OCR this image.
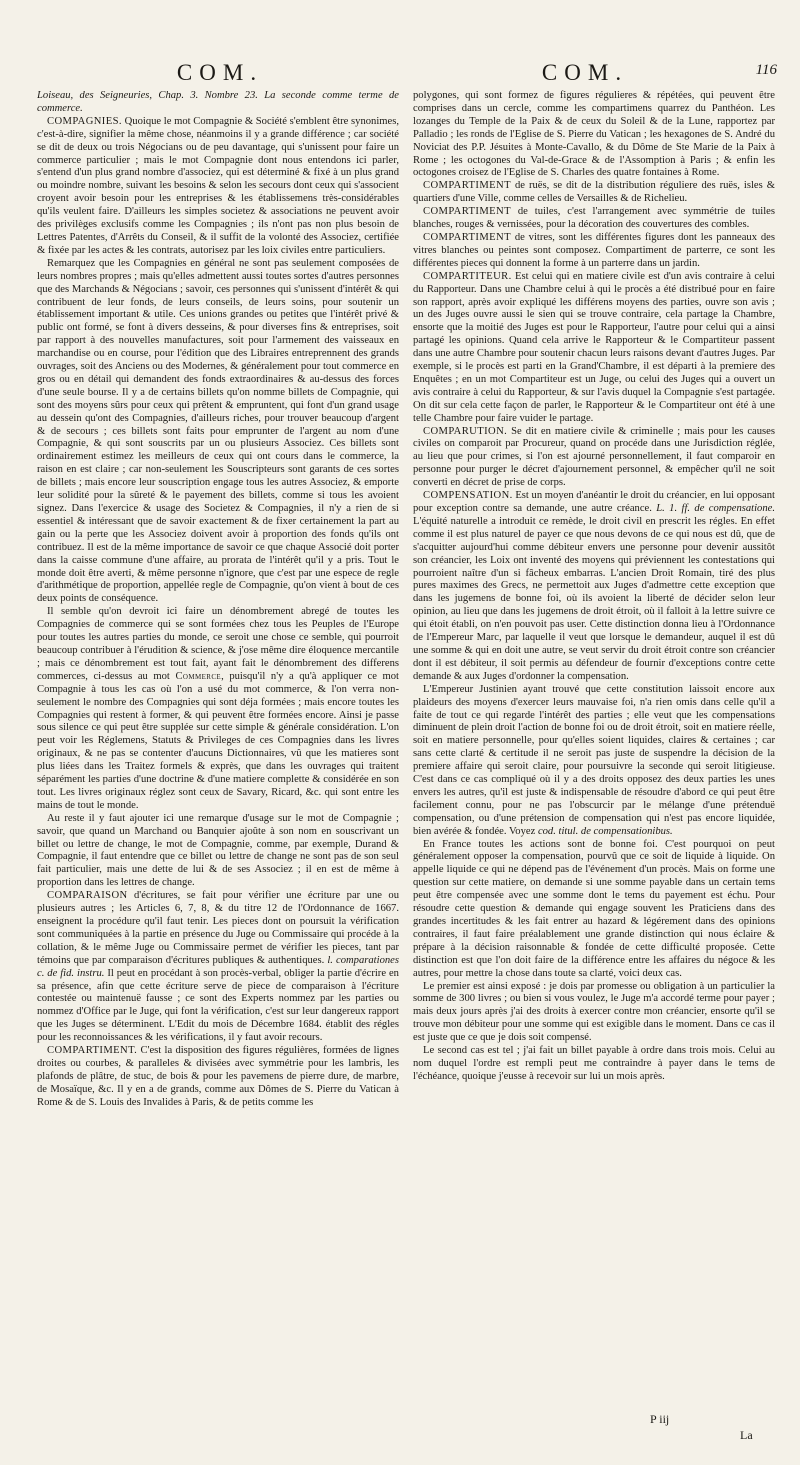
COM.	COM.	116

Loiseau, des Seigneuries, Chap. 3. Nombre 23. La seconde comme terme de commerce.

COMPAGNIES. Quoique le mot Compagnie & Société s'emblent être synonimes, c'est-à-dire, signifier la même chose, néanmoins il y a grande différence ; car société se dit de deux ou trois Négocians ou de peu davantage, qui s'unissent pour faire un commerce particulier ; mais le mot Compagnie dont nous entendons ici parler, s'entend d'un plus grand nombre d'associez, qui est déterminé & fixé à un plus grand ou moindre nombre, suivant les besoins & selon les secours dont ceux qui s'associent croyent avoir besoin pour les entreprises & les établissemens très-considérables qu'ils veulent faire. D'ailleurs les simples societez & associations ne peuvent avoir des privilèges exclusifs comme les Compagnies ; ils n'ont pas non plus besoin de Lettres Patentes, d'Arrêts du Conseil, & il suffit de la volonté des Associez, certifiée & fixée par les actes & les contrats, autorisez par les loix civiles entre particuliers.

Remarquez que les Compagnies en général ne sont pas seulement composées de leurs nombres propres ; mais qu'elles admettent aussi toutes sortes d'autres personnes que des Marchands & Négocians ; savoir, ces personnes qui s'unissent d'intérêt & qui contribuent de leur fonds, de leurs conseils, de leurs soins, pour soutenir un établissement important & utile. Ces unions grandes ou petites que l'intérêt privé & public ont formé, se font à divers desseins, & pour diverses fins & entreprises, soit par rapport à des nouvelles manufactures, soit pour l'armement des vaisseaux en marchandise ou en course, pour l'édition que des Libraires entreprennent des grands ouvrages, soit des Anciens ou des Modernes, & généralement pour tout commerce en gros ou en détail qui demandent des fonds extraordinaires & au-dessus des forces d'une seule bourse. Il y a de certains billets qu'on nomme billets de Compagnie, qui sont des moyens sûrs pour ceux qui prêtent & empruntent, qui font d'un grand usage au dessein qu'ont des Compagnies, d'ailleurs riches, pour trouver beaucoup d'argent & de secours ; ces billets sont faits pour emprunter de l'argent au nom d'une Compagnie, & qui sont souscrits par un ou plusieurs Associez. Ces billets sont ordinairement estimez les meilleurs de ceux qui ont cours dans le commerce, la raison en est claire ; car non-seulement les Souscripteurs sont garants de ces sortes de billets ; mais encore leur souscription engage tous les autres Associez, & emporte leur solidité pour la sûreté & le payement des billets, comme si tous les avoient signez. Dans l'exercice & usage des Societez & Compagnies, il n'y a rien de si essentiel & intéressant que de savoir exactement & de fixer certainement la part au gain ou la perte que les Associez doivent avoir à proportion des fonds qu'ils ont contribuez. Il est de la même importance de savoir ce que chaque Associé doit porter dans la caisse commune d'une affaire, au prorata de l'intérêt qu'il y a pris. Tout le monde doit être averti, & même personne n'ignore, que c'est par une espece de regle d'arithmétique de proportion, appellée regle de Compagnie, qu'on vient à bout de ces deux points de conséquence.

Il semble qu'on devroit ici faire un dénombrement abregé de toutes les Compagnies de commerce qui se sont formées chez tous les Peuples de l'Europe pour toutes les autres parties du monde, ce seroit une chose ce semble, qui pourroit beaucoup contribuer à l'érudition & science, & j'ose même dire éloquence mercantile ; mais ce dénombrement est tout fait, ayant fait le dénombrement des differens commerces, ci-dessus au mot Commerce, puisqu'il n'y a qu'à appliquer ce mot Compagnie à tous les cas où l'on a usé du mot commerce, & l'on verra non-seulement le nombre des Compagnies qui sont déja formées ; mais encore toutes les Compagnies qui restent à former, & qui peuvent être formées encore. Ainsi je passe sous silence ce qui peut être supplée sur cette simple & générale considération. L'on peut voir les Réglemens, Statuts & Privileges de ces Compagnies dans les livres originaux, & ne pas se contenter d'aucuns Dictionnaires, vû que les matieres sont plus liées dans les Traitez formels & exprès, que dans les ouvrages qui traitent séparément les parties d'une doctrine & d'une matiere complette & considérée en son tout. Les livres originaux réglez sont ceux de Savary, Ricard, &c. qui sont entre les mains de tout le monde.

Au reste il y faut ajouter ici une remarque d'usage sur le mot de Compagnie ; savoir, que quand un Marchand ou Banquier ajoûte à son nom en souscrivant un billet ou lettre de change, le mot de Compagnie, comme, par exemple, Durand & Compagnie, il faut entendre que ce billet ou lettre de change ne sont pas de son seul fait particulier, mais une dette de lui & de ses Associez ; il en est de même à proportion dans les lettres de change.

COMPARAISON d'écritures, se fait pour vérifier une écriture par une ou plusieurs autres ; les Articles 6, 7, 8, & du titre 12 de l'Ordonnance de 1667. enseignent la procédure qu'il faut tenir. Les pieces dont on poursuit la vérification sont communiquées à la partie en présence du Juge ou Commissaire qui procéde à la collation, & le même Juge ou Commissaire permet de vérifier les pieces, tant par témoins que par comparaison d'écritures publiques & authentiques. l. comparationes c. de fid. instru. Il peut en procédant à son procès-verbal, obliger la partie d'écrire en sa présence, afin que cette écriture serve de piece de comparaison à l'écriture contestée ou maintenuë fausse ; ce sont des Experts nommez par les parties ou nommez d'Office par le Juge, qui font la vérification, c'est sur leur dangereux rapport que les Juges se déterminent. L'Edit du mois de Décembre 1684. établit des régles pour les reconnoissances & les vérifications, il y faut avoir recours.

COMPARTIMENT. C'est la disposition des figures régulières, formées de lignes droites ou courbes, & paralleles & divisées avec symmétrie pour les lambris, les plafonds de plâtre, de stuc, de bois & pour les pavemens de pierre dure, de marbre, de Mosaïque, &c. Il y en a de grands, comme aux Dômes de S. Pierre du Vatican à Rome & de S. Louis des Invalides à Paris, & de petits comme les

polygones, qui sont formez de figures régulieres & répétées, qui peuvent être comprises dans un cercle, comme les compartimens quarrez du Panthéon. Les lozanges du Temple de la Paix & de ceux du Soleil & de la Lune, rapportez par Palladio ; les ronds de l'Eglise de S. Pierre du Vatican ; les hexagones de S. André du Noviciat des P.P. Jésuites à Monte-Cavallo, & du Dôme de Ste Marie de la Paix à Rome ; les octogones du Val-de-Grace & de l'Assomption à Paris ; & enfin les octogones croisez de l'Eglise de S. Charles des quatre fontaines à Rome.

COMPARTIMENT de ruës, se dit de la distribution réguliere des ruës, isles & quartiers d'une Ville, comme celles de Versailles & de Richelieu.

COMPARTIMENT de tuiles, c'est l'arrangement avec symmétrie de tuiles blanches, rouges & vernissées, pour la décoration des couvertures des combles.

COMPARTIMENT de vitres, sont les différentes figures dont les panneaux des vitres blanches ou peintes sont composez. Compartiment de parterre, ce sont les différentes pieces qui donnent la forme à un parterre dans un jardin.

COMPARTITEUR. Est celui qui en matiere civile est d'un avis contraire à celui du Rapporteur. Dans une Chambre celui à qui le procès a été distribué pour en faire son rapport, après avoir expliqué les différens moyens des parties, ouvre son avis ; un des Juges ouvre aussi le sien qui se trouve contraire, cela partage la Chambre, ensorte que la moitié des Juges est pour le Rapporteur, l'autre pour celui qui a ainsi partagé les opinions. Quand cela arrive le Rapporteur & le Compartiteur passent dans une autre Chambre pour soutenir chacun leurs raisons devant d'autres Juges. Par exemple, si le procès est parti en la Grand'Chambre, il est départi à la premiere des Enquêtes ; en un mot Compartiteur est un Juge, ou celui des Juges qui a ouvert un avis contraire à celui du Rapporteur, & sur l'avis duquel la Compagnie s'est partagée. On dit sur cela cette façon de parler, le Rapporteur & le Compartiteur ont été à une telle Chambre pour faire vuider le partage.

COMPARUTION. Se dit en matiere civile & criminelle ; mais pour les causes civiles on comparoit par Procureur, quand on procéde dans une Jurisdiction réglée, au lieu que pour crimes, si l'on est ajourné personnellement, il faut comparoir en personne pour purger le décret d'ajournement personnel, & empêcher qu'il ne soit converti en décret de prise de corps.

COMPENSATION. Est un moyen d'anéantir le droit du créancier, en lui opposant pour exception contre sa demande, une autre créance. L. 1. ff. de compensatione. L'équité naturelle a introduit ce remède, le droit civil en prescrit les régles. En effet comme il est plus naturel de payer ce que nous devons de ce qui nous est dû, que de s'acquitter aujourd'hui comme débiteur envers une personne pour devenir aussitôt son créancier, les Loix ont inventé des moyens qui préviennent les contestations qui pourroient naître d'un si fâcheux embarras. L'ancien Droit Romain, tiré des plus pures maximes des Grecs, ne permettoit aux Juges d'admettre cette exception que dans les jugemens de bonne foi, où ils avoient la liberté de décider selon leur opinion, au lieu que dans les jugemens de droit étroit, où il falloit à la lettre suivre ce qui étoit établi, on n'en pouvoit pas user. Cette distinction donna lieu à l'Ordonnance de l'Empereur Marc, par laquelle il veut que lorsque le demandeur, auquel il est dû une somme & qui en doit une autre, se veut servir du droit étroit contre son créancier dont il est débiteur, il soit permis au défendeur de fournir d'exceptions contre cette demande & aux Juges d'ordonner la compensation.

L'Empereur Justinien ayant trouvé que cette constitution laissoit encore aux plaideurs des moyens d'exercer leurs mauvaise foi, n'a rien omis dans celle qu'il a faite de tout ce qui regarde l'intérêt des parties ; elle veut que les compensations diminuent de plein droit l'action de bonne foi ou de droit étroit, soit en matiere réelle, soit en matiere personnelle, pour qu'elles soient liquides, claires & certaines ; car sans cette clarté & certitude il ne seroit pas juste de suspendre la décision de la premiere affaire qui seroit claire, pour poursuivre la seconde qui seroit litigieuse. C'est dans ce cas compliqué où il y a des droits opposez des deux parties les unes envers les autres, qu'il est juste & indispensable de résoudre d'abord ce qui peut être facilement connu, pour ne pas l'obscurcir par le mélange d'une prétenduë compensation, ou d'une prétension de compensation qui n'est pas encore liquidée, bien avérée & fondée. Voyez cod. titul. de compensationibus.

En France toutes les actions sont de bonne foi. C'est pourquoi on peut généralement opposer la compensation, pourvû que ce soit de liquide à liquide. On appelle liquide ce qui ne dépend pas de l'événement d'un procès. Mais on forme une question sur cette matiere, on demande si une somme payable dans un certain tems peut être compensée avec une somme dont le tems du payement est échu. Pour résoudre cette question & demande qui engage souvent les Praticiens dans des grandes incertitudes & les fait entrer au hazard & légérement dans des opinions contraires, il faut faire préalablement une grande distinction qui nous éclaire & prépare à la décision raisonnable & fondée de cette difficulté proposée. Cette distinction est que l'on doit faire de la différence entre les affaires du négoce & les autres, pour mettre la chose dans toute sa clarté, voici deux cas.

Le premier est ainsi exposé : je dois par promesse ou obligation à un particulier la somme de 300 livres ; ou bien si vous voulez, le Juge m'a accordé terme pour payer ; mais deux jours après j'ai des droits à exercer contre mon créancier, ensorte qu'il se trouve mon débiteur pour une somme qui est exigible dans le moment. Dans ce cas il est juste que ce que je dois soit compensé.

Le second cas est tel ; j'ai fait un billet payable à ordre dans trois mois. Celui au nom duquel l'ordre est rempli peut me contraindre à payer dans le tems de l'échéance, quoique j'eusse à recevoir sur lui un mois après.

P iij
La
